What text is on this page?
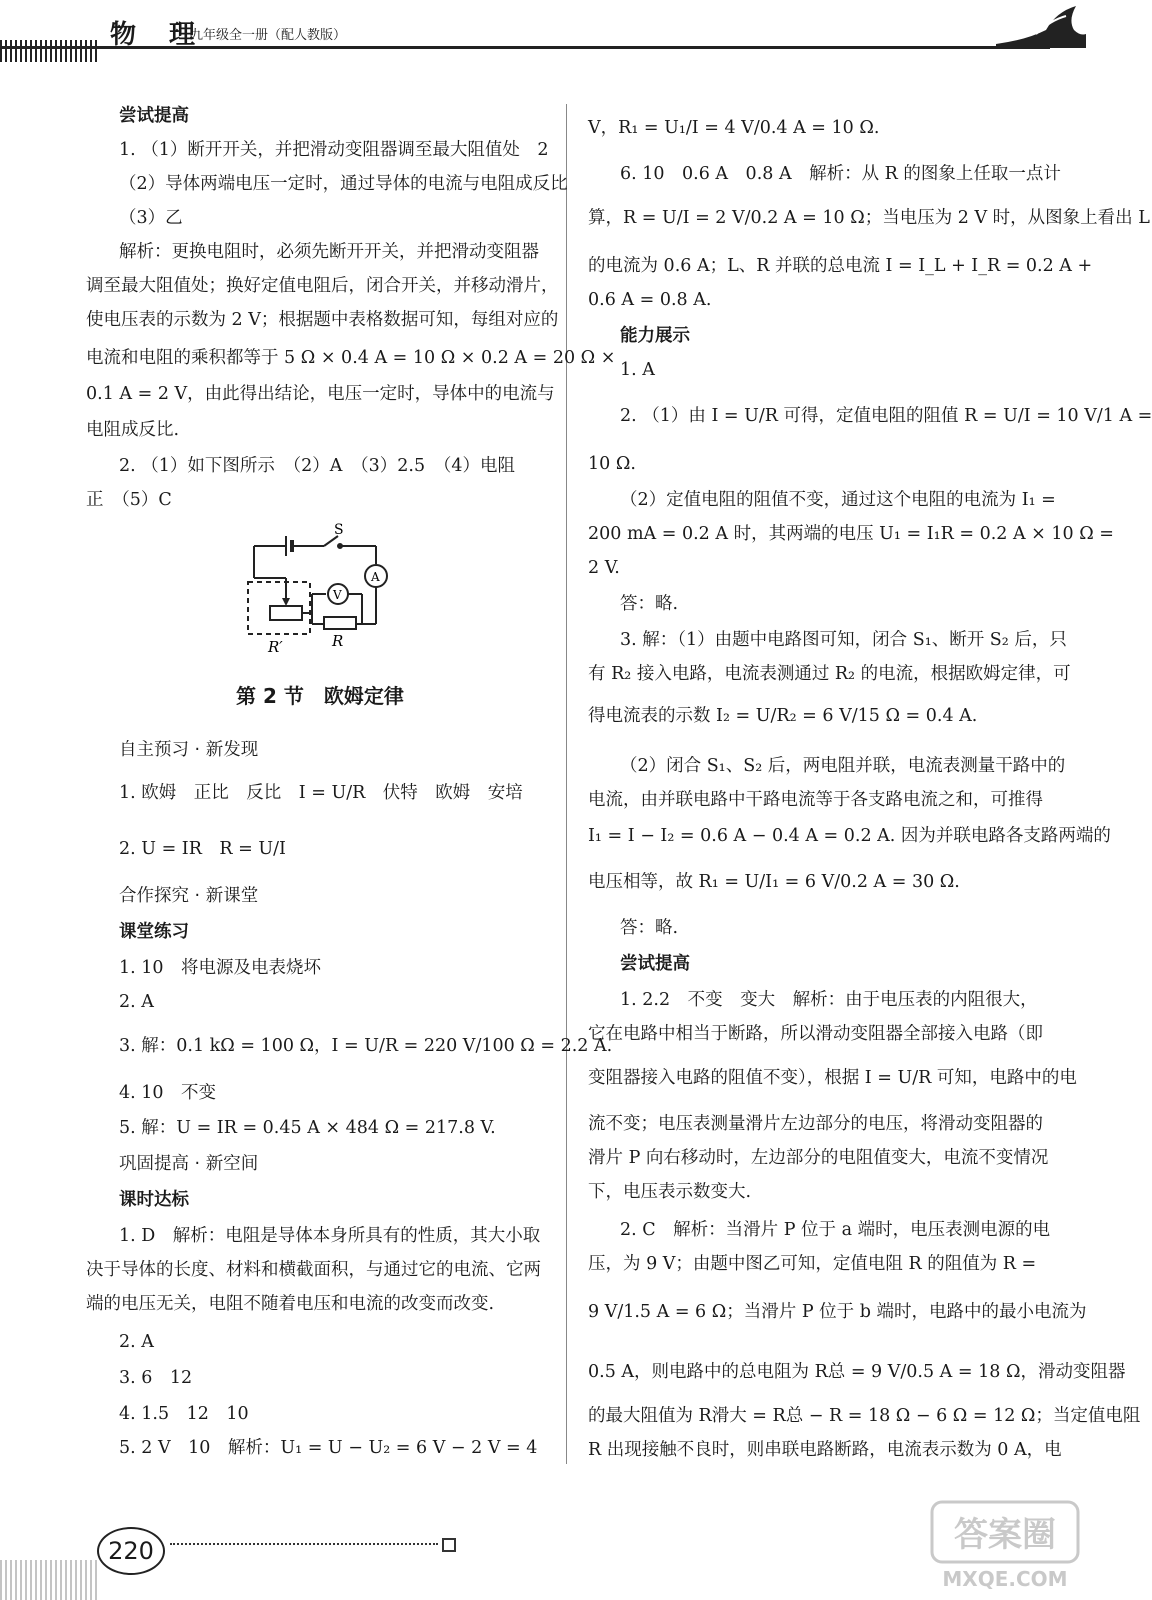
物 理
九年级全一册（配人教版）
尝试提高
1. （1）断开开关，并把滑动变阻器调至最大阻值处　2
（2）导体两端电压一定时，通过导体的电流与电阻成反比
（3）乙
解析：更换电阻时，必须先断开开关，并把滑动变阻器
调至最大阻值处；换好定值电阻后，闭合开关，并移动滑片，
使电压表的示数为 2 V；根据题中表格数据可知，每组对应的
电流和电阻的乘积都等于 5 Ω × 0.4 A = 10 Ω × 0.2 A = 20 Ω ×
0.1 A = 2 V，由此得出结论，电压一定时，导体中的电流与
电阻成反比.
2. （1）如下图所示　（2）A　（3）2.5　（4）电阻
正　（5）C
S
A
V
R
R′
第 2 节　欧姆定律
自主预习 · 新发现
1. 欧姆　正比　反比　I = U/R　伏特　欧姆　安培
2. U = IR　R = U/I
合作探究 · 新课堂
课堂练习
1. 10　将电源及电表烧坏
2. A
3. 解：0.1 kΩ = 100 Ω，I = U/R = 220 V/100 Ω = 2.2 A.
4. 10　不变
5. 解：U = IR = 0.45 A × 484 Ω = 217.8 V.
巩固提高 · 新空间
课时达标
1. D　解析：电阻是导体本身所具有的性质，其大小取
决于导体的长度、材料和横截面积，与通过它的电流、它两
端的电压无关，电阻不随着电压和电流的改变而改变.
2. A
3. 6　12
4. 1.5　12　10
5. 2 V　10　解析：U₁ = U − U₂ = 6 V − 2 V = 4
V，R₁ = U₁/I = 4 V/0.4 A = 10 Ω.
6. 10　0.6 A　0.8 A　解析：从 R 的图象上任取一点计
算，R = U/I = 2 V/0.2 A = 10 Ω；当电压为 2 V 时，从图象上看出 L
的电流为 0.6 A；L、R 并联的总电流 I = I_L + I_R = 0.2 A +
0.6 A = 0.8 A.
能力展示
1. A
2. （1）由 I = U/R 可得，定值电阻的阻值 R = U/I = 10 V/1 A =
10 Ω.
（2）定值电阻的阻值不变，通过这个电阻的电流为 I₁ =
200 mA = 0.2 A 时，其两端的电压 U₁ = I₁R = 0.2 A × 10 Ω =
2 V.
答：略.
3. 解：（1）由题中电路图可知，闭合 S₁、断开 S₂ 后，只
有 R₂ 接入电路，电流表测通过 R₂ 的电流，根据欧姆定律，可
得电流表的示数 I₂ = U/R₂ = 6 V/15 Ω = 0.4 A.
（2）闭合 S₁、S₂ 后，两电阻并联，电流表测量干路中的
电流，由并联电路中干路电流等于各支路电流之和，可推得
I₁ = I − I₂ = 0.6 A − 0.4 A = 0.2 A. 因为并联电路各支路两端的
电压相等，故 R₁ = U/I₁ = 6 V/0.2 A = 30 Ω.
答：略.
尝试提高
1. 2.2　不变　变大　解析：由于电压表的内阻很大，
它在电路中相当于断路，所以滑动变阻器全部接入电路（即
变阻器接入电路的阻值不变），根据 I = U/R 可知，电路中的电
流不变；电压表测量滑片左边部分的电压，将滑动变阻器的
滑片 P 向右移动时，左边部分的电阻值变大，电流不变情况
下，电压表示数变大.
2. C　解析：当滑片 P 位于 a 端时，电压表测电源的电
压，为 9 V；由题中图乙可知，定值电阻 R 的阻值为 R =
9 V/1.5 A = 6 Ω；当滑片 P 位于 b 端时，电路中的最小电流为
0.5 A，则电路中的总电阻为 R总 = 9 V/0.5 A = 18 Ω，滑动变阻器
的最大阻值为 R滑大 = R总 − R = 18 Ω − 6 Ω = 12 Ω；当定值电阻
R 出现接触不良时，则串联电路断路，电流表示数为 0 A，电
220	答案圈
MXQE.COM
